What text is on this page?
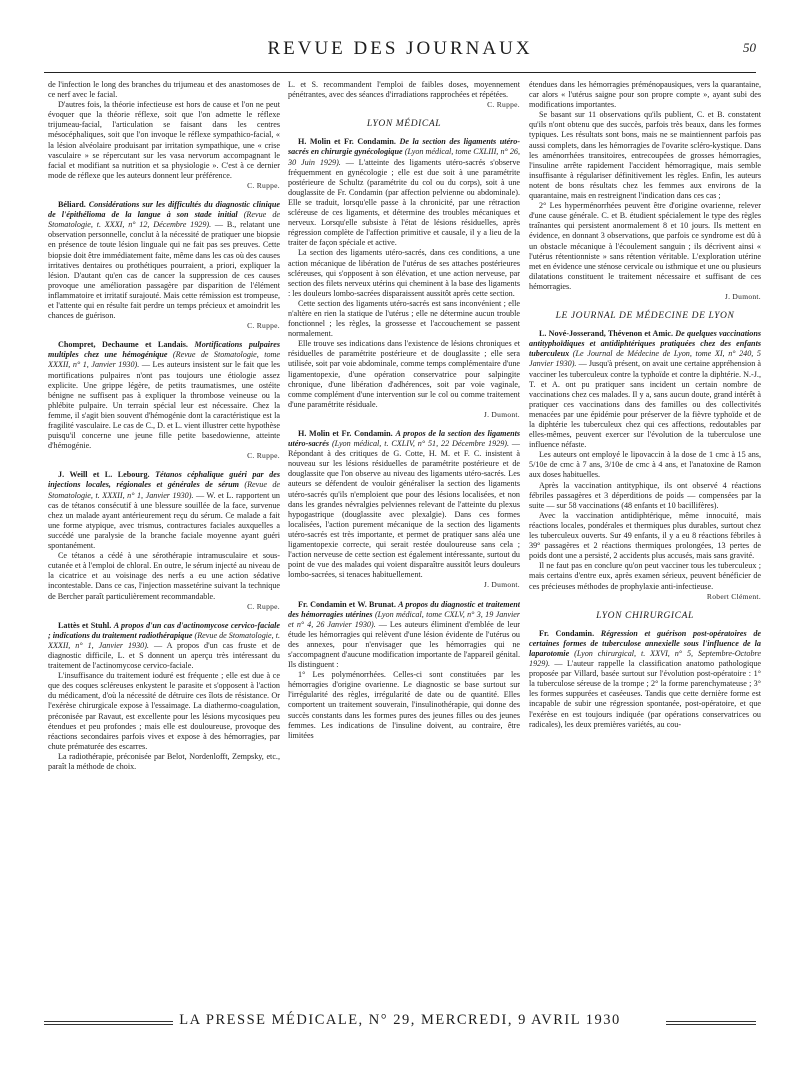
REVUE DES JOURNAUX	50

de l'infection le long des branches du trijumeau et des anastomoses de ce nerf avec le facial.

D'autres fois, la théorie infectieuse est hors de cause et l'on ne peut évoquer que la théorie réflexe, soit que l'on admette le réflexe trijumeau-facial, l'articulation se faisant dans les centres mésocéphaliques, soit que l'on invoque le réflexe sympathico-facial, « la lésion alvéolaire produisant par irritation sympathique, une « crise vasculaire » se répercutant sur les vasa nervorum accompagnant le facial et modifiant sa nutrition et sa physiologie ». C'est à ce dernier mode de réflexe que les auteurs donnent leur préférence.

C. Ruppe.

Béliard. Considérations sur les difficultés du diagnostic clinique de l'épithélioma de la langue à son stade initial (Revue de Stomatologie, t. XXXI, n° 12, Décembre 1929). — B., relatant une observation personnelle, conclut à la nécessité de pratiquer une biopsie en présence de toute lésion linguale qui ne fait pas ses preuves. Cette biopsie doit être immédiatement faite, même dans les cas où des causes irritatives dentaires ou prothétiques pourraient, a priori, expliquer la lésion. D'autant qu'en cas de cancer la suppression de ces causes provoque une amélioration passagère par disparition de l'élément inflammatoire et irritatif surajouté. Mais cette rémission est trompeuse, et l'attente qui en résulte fait perdre un temps précieux et amoindrit les chances de guérison.

C. Ruppe.

Chompret, Dechaume et Landais. Mortifications pulpaires multiples chez une hémogénique (Revue de Stomatologie, tome XXXII, n° 1, Janvier 1930). — Les auteurs insistent sur le fait que les mortifications pulpaires n'ont pas toujours une étiologie assez explicite. Une grippe légère, de petits traumatismes, une ostéite bénigne ne suffisent pas à expliquer la thrombose veineuse ou la phlébite pulpaire. Un terrain spécial leur est nécessaire. Chez la femme, il s'agit bien souvent d'hémogénie dont la caractéristique est la fragilité vasculaire. Le cas de C., D. et L. vient illustrer cette hypothèse puisqu'il concerne une jeune fille petite basedowienne, atteinte d'hémogénie.

C. Ruppe.

J. Weill et L. Lebourg. Tétanos céphalique guéri par des injections locales, régionales et générales de sérum (Revue de Stomatologie, t. XXXII, n° 1, Janvier 1930). — W. et L. rapportent un cas de tétanos consécutif à une blessure souillée de la face, survenue chez un malade ayant antérieurement reçu du sérum. Ce malade a fait une forme atypique, avec trismus, contractures faciales auxquelles a succédé une paralysie de la branche faciale moyenne ayant guéri spontanément.

Ce tétanos a cédé à une sérothérapie intramusculaire et sous-cutanée et à l'emploi de chloral. En outre, le sérum injecté au niveau de la cicatrice et au voisinage des nerfs a eu une action sédative incontestable. Dans ce cas, l'injection massetérine suivant la technique de Bercher paraît particulièrement recommandable.

C. Ruppe.

Lattès et Stuhl. A propos d'un cas d'actinomycose cervico-faciale ; indications du traitement radiothérapique (Revue de Stomatologie, t. XXXII, n° 1, Janvier 1930). — A propos d'un cas fruste et de diagnostic difficile, L. et S donnent un aperçu très intéressant du traitement de l'actinomycose cervico-faciale.

L'insuffisance du traitement ioduré est fréquente ; elle est due à ce que des coques scléreuses enkystent le parasite et s'opposent à l'action du médicament, d'où la nécessité de détruire ces îlots de résistance. Or l'exérèse chirurgicale expose à l'essaimage. La diathermo-coagulation, préconisée par Ravaut, est excellente pour les lésions mycosiques peu étendues et peu profondes ; mais elle est douloureuse, provoque des réactions secondaires parfois vives et expose à des hémorragies, par chute prématurée des escarres.

La radiothérapie, préconisée par Belot, Nordenlofft, Zempsky, etc., paraît la méthode de choix.

L. et S. recommandent l'emploi de faibles doses, moyennement pénétrantes, avec des séances d'irradiations rapprochées et répétées.

C. Ruppe.
LYON MÉDICAL

H. Molin et Fr. Condamin. De la section des ligaments utéro-sacrés en chirurgie gynécologique (Lyon médical, tome CXLIII, n° 26, 30 Juin 1929). — L'atteinte des ligaments utéro-sacrés s'observe fréquemment en gynécologie ; elle est due soit à une paramétrite postérieure de Schultz (paramétrite du col ou du corps), soit à une douglassite de Fr. Condamin (par affection pelvienne ou abdominale). Elle se traduit, lorsqu'elle passe à la chronicité, par une rétraction scléreuse de ces ligaments, et détermine des troubles mécaniques et nerveux. Lorsqu'elle subsiste à l'état de lésions résiduelles, après régression complète de l'affection primitive et causale, il y a lieu de la traiter de façon spéciale et active.

La section des ligaments utéro-sacrés, dans ces conditions, a une action mécanique de libération de l'utérus de ses attaches postérieures scléreuses, qui s'opposent à son élévation, et une action nerveuse, par section des filets nerveux utérins qui cheminent à la base des ligaments : les douleurs lombo-sacrées disparaissent aussitôt après cette section.

Cette section des ligaments utéro-sacrés est sans inconvénient ; elle n'altère en rien la statique de l'utérus ; elle ne détermine aucun trouble fonctionnel ; les règles, la grossesse et l'accouchement se passent normalement.

Elle trouve ses indications dans l'existence de lésions chroniques et résiduelles de paramétrite postérieure et de douglassite ; elle sera utilisée, soit par voie abdominale, comme temps complémentaire d'une ligamentopexie, d'une opération conservatrice pour salpingite chronique, d'une libération d'adhérences, soit par voie vaginale, comme complément d'une intervention sur le col ou comme traitement d'une paramétrite résiduale.

J. Dumont.

H. Molin et Fr. Condamin. A propos de la section des ligaments utéro-sacrés (Lyon médical, t. CXLIV, n° 51, 22 Décembre 1929). — Répondant à des critiques de G. Cotte, H. M. et F. C. insistent à nouveau sur les lésions résiduelles de paramétrite postérieure et de douglassite que l'on observe au niveau des ligaments utéro-sacrés. Les auteurs se défendent de vouloir généraliser la section des ligaments utéro-sacrés qu'ils n'emploient que pour des lésions localisées, et non dans les grandes névralgies pelviennes relevant de l'atteinte du plexus hypogastrique (douglassite avec plexalgie). Dans ces formes localisées, l'action purement mécanique de la section des ligaments utéro-sacrés est très importante, et permet de pratiquer sans aléa une ligamentopexie correcte, qui serait restée douloureuse sans cela ; l'action nerveuse de cette section est également intéressante, surtout du point de vue des malades qui voient disparaître aussitôt leurs douleurs lombo-sacrées, si tenaces habituellement.

J. Dumont.

Fr. Condamin et W. Brunat. A propos du diagnostic et traitement des hémorragies utérines (Lyon médical, tome CXLV, n° 3, 19 Janvier et n° 4, 26 Janvier 1930). — Les auteurs éliminent d'emblée de leur étude les hémorragies qui relèvent d'une lésion évidente de l'utérus ou des annexes, pour n'envisager que les hémorragies qui ne s'accompagnent d'aucune modification importante de l'appareil génital. Ils distinguent :

1° Les polyménorrhées. Celles-ci sont constituées par les hémorragies d'origine ovarienne. Le diagnostic se base surtout sur l'irrégularité des règles, irrégularité de date ou de quantité. Elles comportent un traitement souverain, l'insulinothérapie, qui donne des succès constants dans les formes pures des jeunes filles ou des jeunes femmes. Les indications de l'insuline doivent, au contraire, être limitées

étendues dans les hémorragies préménopausiques, vers la quarantaine, car alors « l'utérus saigne pour son propre compte », ayant subi des modifications importantes.

Se basant sur 11 observations qu'ils publient, C. et B. constatent qu'ils n'ont obtenu que des succès, parfois très beaux, dans les formes typiques. Les résultats sont bons, mais ne se maintiennent parfois pas aussi complets, dans les hémorragies de l'ovarite scléro-kystique. Dans les aménorrhées transitoires, entrecoupées de grosses hémorragies, l'insuline arrête rapidement l'accident hémorragique, mais semble insuffisante à régulariser définitivement les règles. Enfin, les auteurs notent de bons résultats chez les femmes aux environs de la quarantaine, mais en restreignent l'indication dans ces cas ;

2° Les hyperménorrhées peuvent être d'origine ovarienne, relever d'une cause générale. C. et B. étudient spécialement le type des règles traînantes qui persistent anormalement 8 et 10 jours. Ils mettent en évidence, en donnant 3 observations, que parfois ce syndrome est dû à un obstacle mécanique à l'écoulement sanguin ; ils décrivent ainsi « l'utérus rétentionniste » sans rétention véritable. L'exploration utérine met en évidence une sténose cervicale ou isthmique et une ou plusieurs dilatations constituent le traitement nécessaire et suffisant de ces hémorragies.

J. Dumont.
LE JOURNAL DE MÉDECINE DE LYON

L. Nové-Josserand, Thévenon et Amic. De quelques vaccinations antityphoïdiques et antidiphtériques pratiquées chez des enfants tuberculeux (Le Journal de Médecine de Lyon, tome XI, n° 240, 5 Janvier 1930). — Jusqu'à présent, on avait une certaine appréhension à vacciner les tuberculeux contre la typhoïde et contre la diphtérie. N.-J., T. et A. ont pu pratiquer sans incident un certain nombre de vaccinations chez ces malades. Il y a, sans aucun doute, grand intérêt à pratiquer ces vaccinations dans des familles ou des collectivités menacées par une épidémie pour préserver de la fièvre typhoïde et de la diphtérie les tuberculeux chez qui ces affections, redoutables par elles-mêmes, peuvent exercer sur l'évolution de la tuberculose une influence néfaste.

Les auteurs ont employé le lipovaccin à la dose de 1 cmc à 15 ans, 5/10e de cmc à 7 ans, 3/10e de cmc à 4 ans, et l'anatoxine de Ramon aux doses habituelles.

Après la vaccination antityphique, ils ont observé 4 réactions fébriles passagères et 3 déperditions de poids — compensées par la suite — sur 58 vaccinations (48 enfants et 10 bacillifères).

Avec la vaccination antidiphtérique, même innocuité, mais réactions locales, pondérales et thermiques plus durables, surtout chez les tuberculeux ouverts. Sur 49 enfants, il y a eu 8 réactions fébriles à 39° passagères et 2 réactions thermiques prolongées, 13 pertes de poids dont une a persisté, 2 accidents plus accusés, mais sans gravité.

Il ne faut pas en conclure qu'on peut vacciner tous les tuberculeux ; mais certains d'entre eux, après examen sérieux, peuvent bénéficier de ces précieuses méthodes de prophylaxie anti-infectieuse.

Robert Clément.
LYON CHIRURGICAL

Fr. Condamin. Régression et guérison post-opératoires de certaines formes de tuberculose annexielle sous l'influence de la laparotomie (Lyon chirurgical, t. XXVI, n° 5, Septembre-Octobre 1929). — L'auteur rappelle la classification anatomo pathologique proposée par Villard, basée surtout sur l'évolution post-opératoire : 1° la tuberculose séreuse de la trompe ; 2° la forme parenchymateuse ; 3° les formes suppurées et caséeuses. Tandis que cette dernière forme est incapable de subir une régression spontanée, post-opératoire, et que l'exérèse en est toujours indiquée (par opérations conservatrices ou radicales), les deux premières variétés, au cou-

LA PRESSE MÉDICALE, N° 29, MERCREDI, 9 AVRIL 1930
